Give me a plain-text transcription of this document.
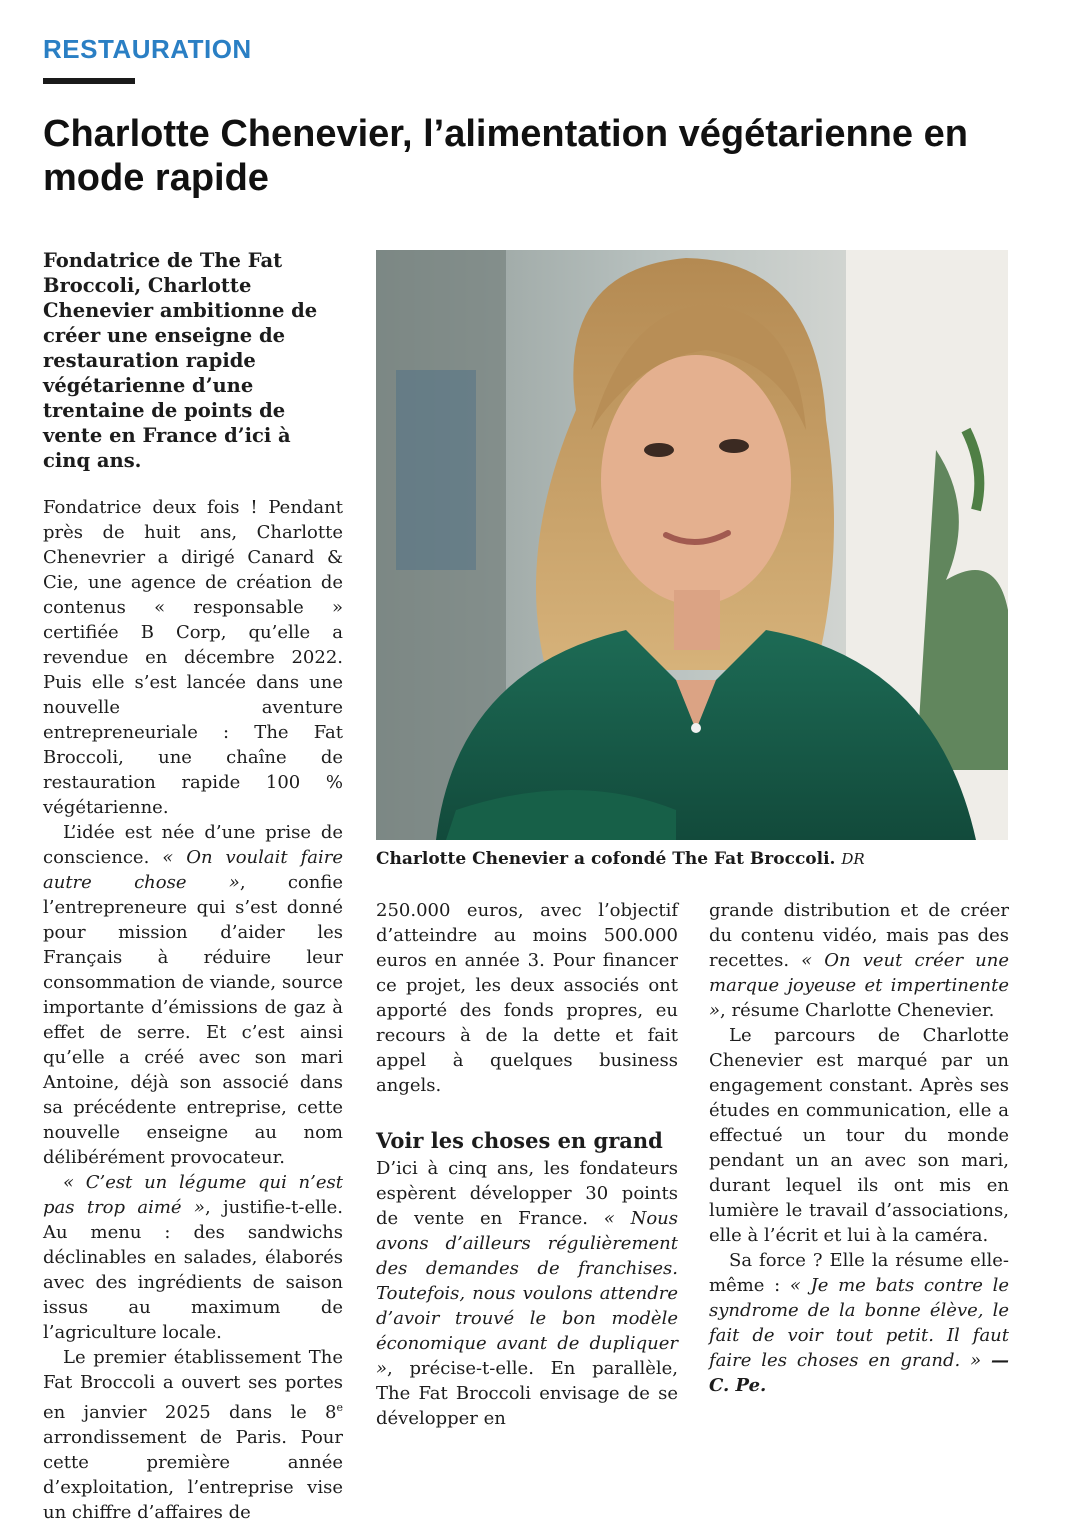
RESTAURATION
Charlotte Chenevier, l’alimentation végétarienne en mode rapide

Fondatrice de The Fat Broccoli, Charlotte Chenevier ambitionne de créer une enseigne de restauration rapide végétarienne d’une trentaine de points de vente en France d’ici à cinq ans.

Fondatrice deux fois ! Pendant près de huit ans, Charlotte Chenevrier a dirigé Canard & Cie, une agence de création de contenus « responsable » certifiée B Corp, qu’elle a revendue en décembre 2022. Puis elle s’est lancée dans une nouvelle aventure entrepreneuriale : The Fat Broccoli, une chaîne de restauration rapide 100 % végétarienne.

L’idée est née d’une prise de conscience. « On voulait faire autre chose », confie l’entrepreneure qui s’est donné pour mission d’aider les Français à réduire leur consommation de viande, source importante d’émissions de gaz à effet de serre. Et c’est ainsi qu’elle a créé avec son mari Antoine, déjà son associé dans sa précédente entreprise, cette nouvelle enseigne au nom délibérément provocateur.

« C’est un légume qui n’est pas trop aimé », justifie-t-elle. Au menu : des sandwichs déclinables en salades, élaborés avec des ingrédients de saison issus au maximum de l’agriculture locale.

Le premier établissement The Fat Broccoli a ouvert ses portes en janvier 2025 dans le 8e arrondissement de Paris. Pour cette première année d’exploitation, l’entreprise vise un chiffre d’affaires de

Charlotte Chenevier a cofondé The Fat Broccoli. DR

250.000 euros, avec l’objectif d’atteindre au moins 500.000 euros en année 3. Pour financer ce projet, les deux associés ont apporté des fonds propres, eu recours à de la dette et fait appel à quelques business angels.

Voir les choses en grand

D’ici à cinq ans, les fondateurs espèrent développer 30 points de vente en France. « Nous avons d’ailleurs régulièrement des demandes de franchises. Toutefois, nous voulons attendre d’avoir trouvé le bon modèle économique avant de dupliquer », précise-t-elle. En parallèle, The Fat Broccoli envisage de se développer en

grande distribution et de créer du contenu vidéo, mais pas des recettes. « On veut créer une marque joyeuse et impertinente », résume Charlotte Chenevier.

Le parcours de Charlotte Chenevier est marqué par un engagement constant. Après ses études en communication, elle a effectué un tour du monde pendant un an avec son mari, durant lequel ils ont mis en lumière le travail d’associations, elle à l’écrit et lui à la caméra.

Sa force ? Elle la résume elle-même : « Je me bats contre le syndrome de la bonne élève, le fait de voir tout petit. Il faut faire les choses en grand. » — C. Pe.
